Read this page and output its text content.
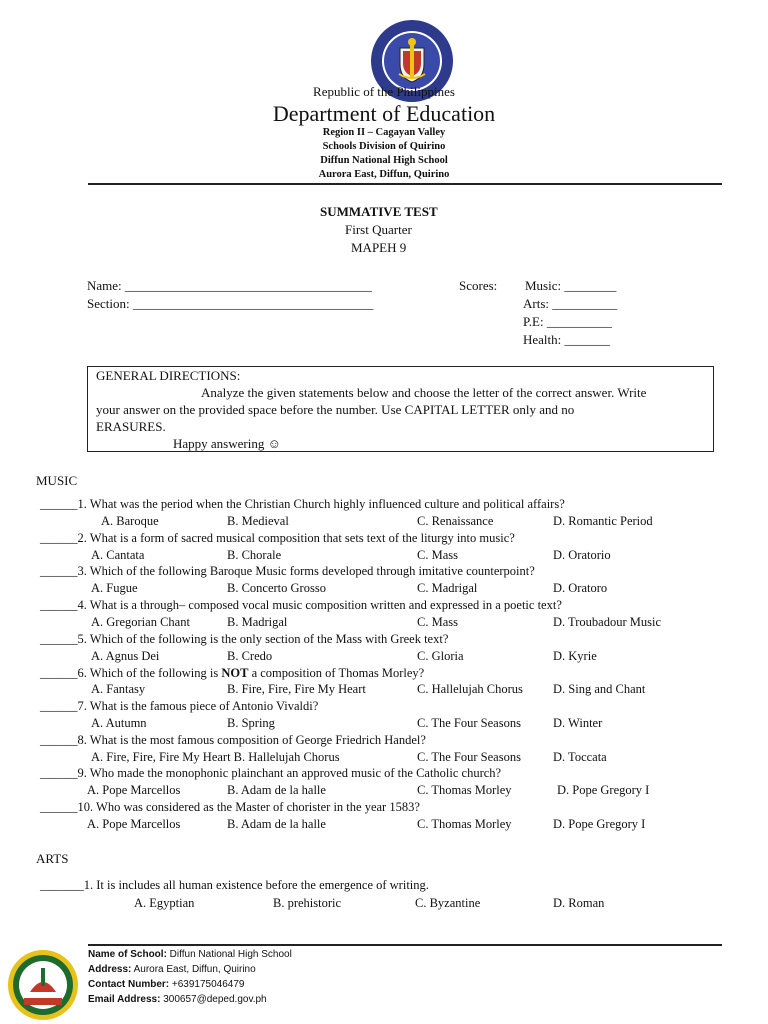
Republic of the Philippines
Department of Education
Region II – Cagayan Valley
Schools Division of Quirino
Diffun National High School
Aurora East, Diffun, Quirino
SUMMATIVE TEST
First Quarter
MAPEH 9
Name: ______________________________________
Section: _____________________________________
Scores: Music: ________
Arts: __________
P.E: __________
Health: _______
GENERAL DIRECTIONS:
Analyze the given statements below and choose the letter of the correct answer. Write
your answer on the provided space before the number. Use CAPITAL LETTER only and no
ERASURES.
Happy answering ☺
MUSIC
______1. What was the period when the Christian Church highly influenced culture and political affairs?
A. Baroque	B. Medieval	C. Renaissance	D. Romantic Period
______2. What is a form of sacred musical composition that sets text of the liturgy into music?
A. Cantata	B. Chorale	C. Mass	D. Oratorio
______3. Which of the following Baroque Music forms developed through imitative counterpoint?
A. Fugue	B. Concerto Grosso	C. Madrigal	D. Oratoro
______4. What is a through– composed vocal music composition written and expressed in a poetic text?
A. Gregorian Chant	B. Madrigal	C. Mass	D. Troubadour Music
______5. Which of the following is the only section of the Mass with Greek text?
A. Agnus Dei	B. Credo	C. Gloria	D. Kyrie
______6. Which of the following is NOT a composition of Thomas Morley?
A. Fantasy	B. Fire, Fire, Fire My Heart	C. Hallelujah Chorus D. Sing and Chant
______7. What is the famous piece of Antonio Vivaldi?
A. Autumn	B. Spring	C. The Four Seasons	D. Winter
______8. What is the most famous composition of George Friedrich Handel?
A. Fire, Fire, Fire My Heart B. Hallelujah Chorus	C. The Four Seasons	D. Toccata
______9. Who made the monophonic plainchant an approved music of the Catholic church?
A. Pope Marcellos	B. Adam de la halle	C. Thomas Morley	D. Pope Gregory I
______10. Who was considered as the Master of chorister in the year 1583?
A. Pope Marcellos	B. Adam de la halle	C. Thomas Morley	D. Pope Gregory I
ARTS
_______1. It is includes all human existence before the emergence of writing.
A. Egyptian	B. prehistoric	C. Byzantine	D. Roman
Name of School: Diffun National High School
Address: Aurora East, Diffun, Quirino
Contact Number: +639175046479
Email Address: 300657@deped.gov.ph
